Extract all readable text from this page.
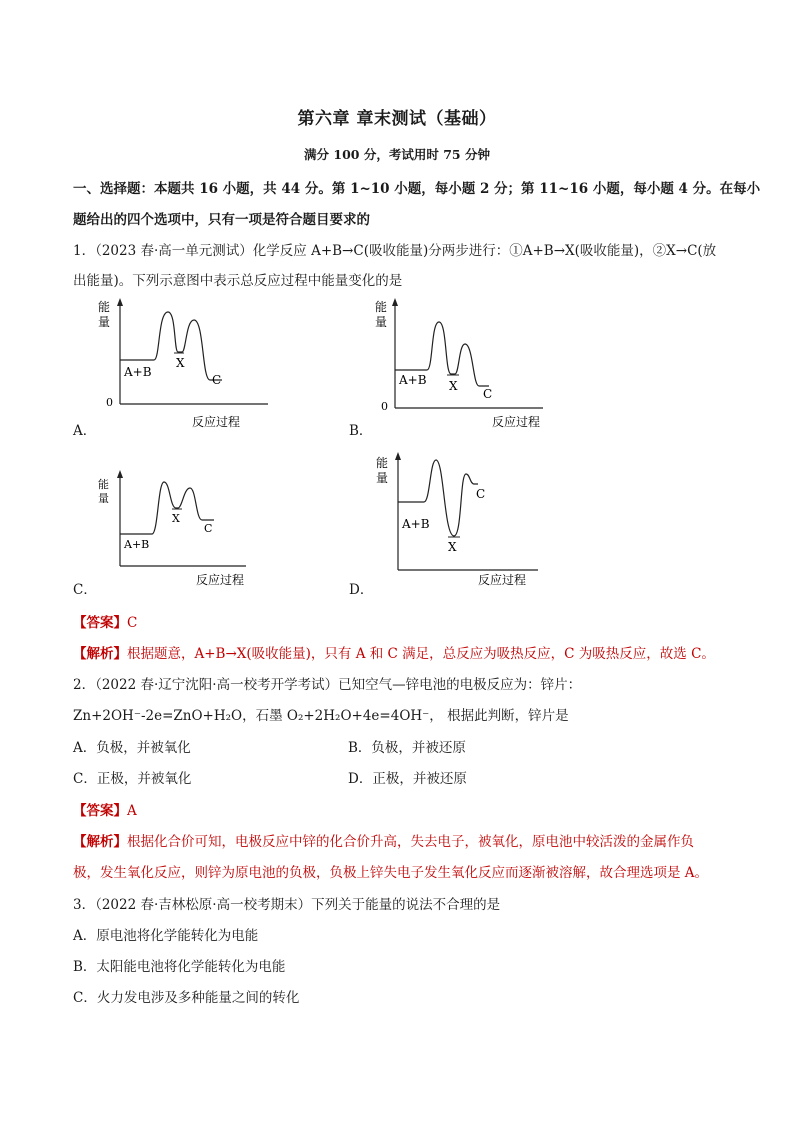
第六章 章末测试（基础）
满分 100 分，考试用时 75 分钟
一、选择题：本题共 16 小题，共 44 分。第 1~10 小题，每小题 2 分；第 11~16 小题，每小题 4 分。在每小
题给出的四个选项中，只有一项是符合题目要求的
1．（2023 春·高一单元测试）化学反应 A+B→C(吸收能量)分两步进行：①A+B→X(吸收能量)，②X→C(放
出能量)。下列示意图中表示总反应过程中能量变化的是
能
量
0
A+B
X
C
反应过程
A．
能
量
0
A+B X
C
反应过程
B．
能
量
A+B
X
C
反应过程
C．
能
量
A+B
X
C
反应过程
D．
【答案】C
【解析】根据题意，A+B→X(吸收能量)，只有 A 和 C 满足，总反应为吸热反应，C 为吸热反应，故选 C。
2．（2022 春·辽宁沈阳·高一校考开学考试）已知空气—锌电池的电极反应为：锌片：
Zn+2OH⁻-2e=ZnO+H₂O，石墨 O₂+2H₂O+4e=4OH⁻， 根据此判断，锌片是
A．负极，并被氧化	B．负极，并被还原
C．正极，并被氧化	D．正极，并被还原
【答案】A
【解析】根据化合价可知，电极反应中锌的化合价升高，失去电子，被氧化，原电池中较活泼的金属作负
极，发生氧化反应，则锌为原电池的负极，负极上锌失电子发生氧化反应而逐渐被溶解，故合理选项是 A。
3．（2022 春·吉林松原·高一校考期末）下列关于能量的说法不合理的是
A．原电池将化学能转化为电能
B．太阳能电池将化学能转化为电能
C．火力发电涉及多种能量之间的转化
